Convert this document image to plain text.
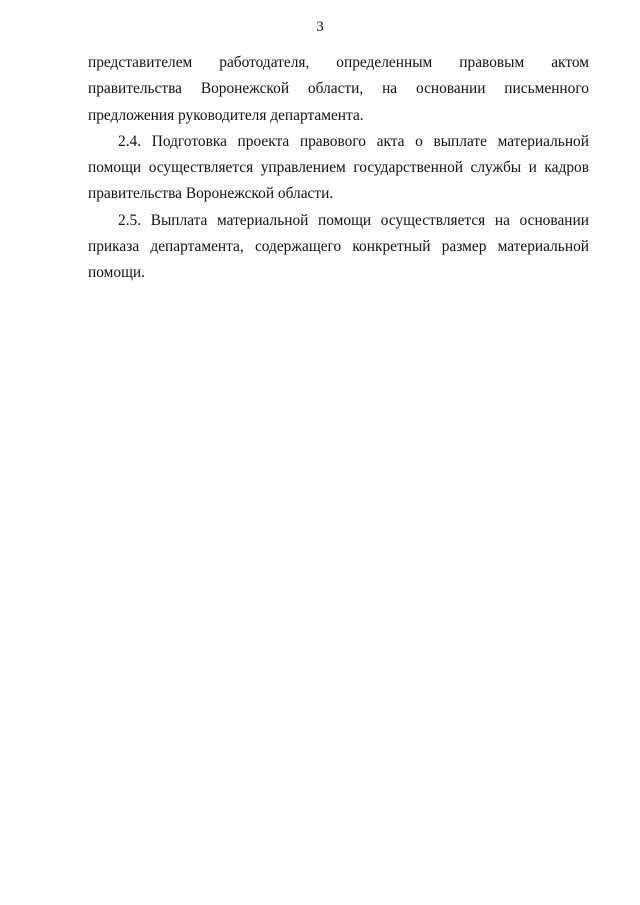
3

представителем работодателя, определенным правовым актом правительства Воронежской области, на основании письменного предложения руководителя департамента.

2.4. Подготовка проекта правового акта о выплате материальной помощи осуществляется управлением государственной службы и кадров правительства Воронежской области.

2.5. Выплата материальной помощи осуществляется на основании приказа департамента, содержащего конкретный размер материальной помощи.
